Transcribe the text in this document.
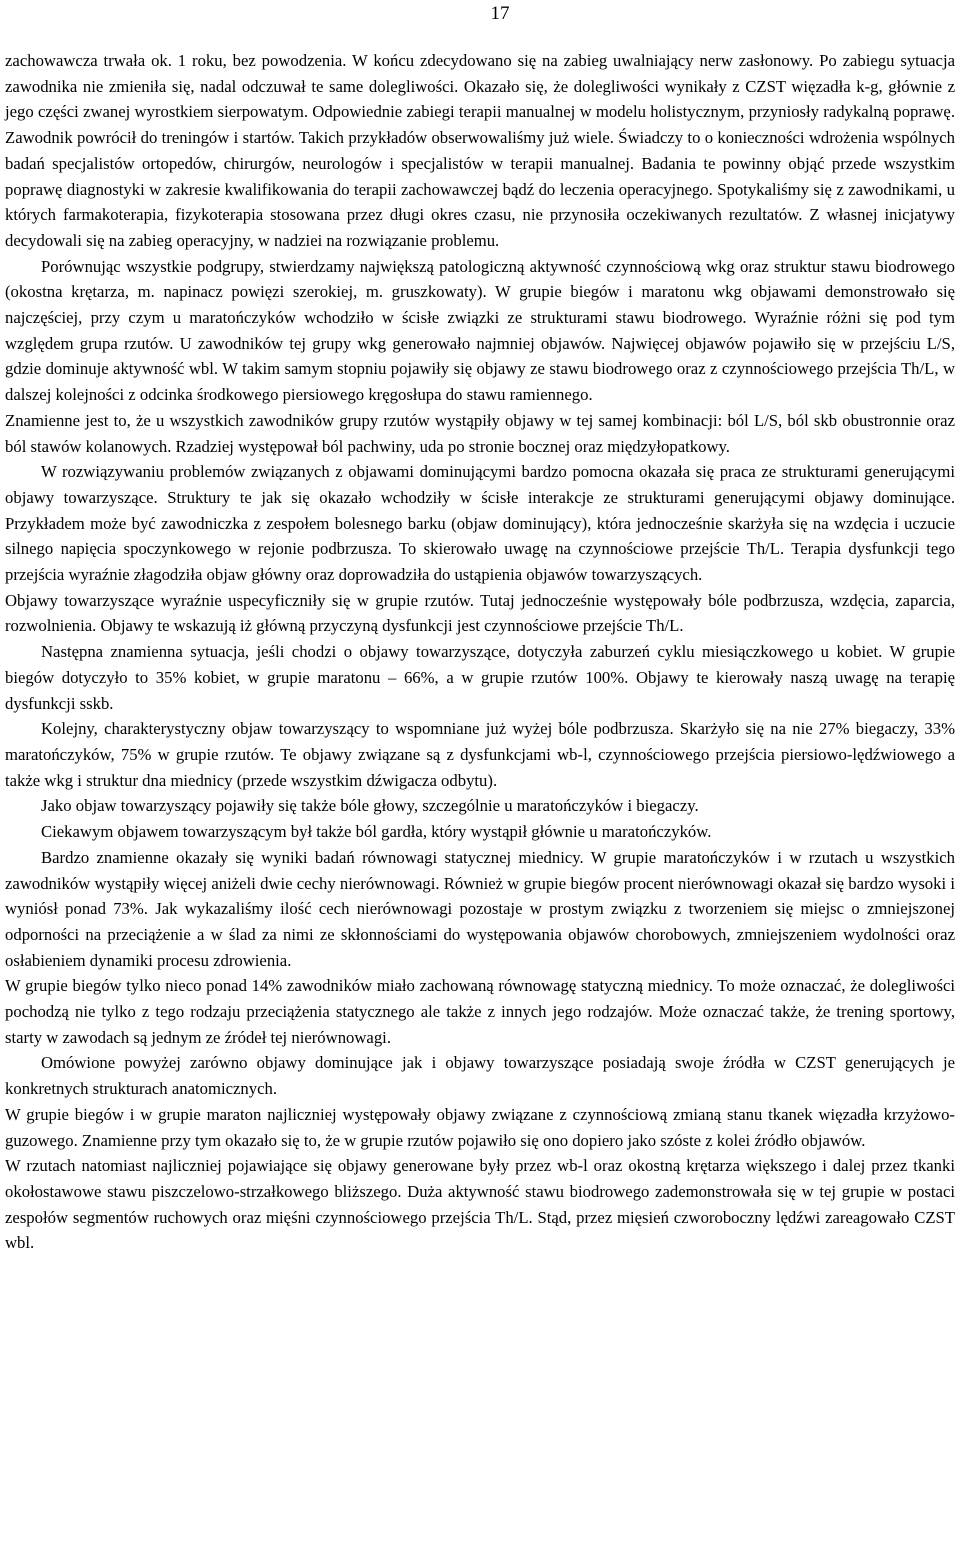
17

zachowawcza trwała ok. 1 roku, bez powodzenia. W końcu zdecydowano się na zabieg uwalniający nerw zasłonowy. Po zabiegu sytuacja zawodnika nie zmieniła się, nadal odczuwał te same dolegliwości. Okazało się, że dolegliwości wynikały z CZST więzadła k-g, głównie z jego części zwanej wyrostkiem sierpowatym. Odpowiednie zabiegi terapii manualnej w modelu holistycznym, przyniosły radykalną poprawę. Zawodnik powrócił do treningów i startów. Takich przykładów obserwowaliśmy już wiele. Świadczy to o konieczności wdrożenia wspólnych badań specjalistów ortopedów, chirurgów, neurologów i specjalistów w terapii manualnej. Badania te powinny objąć przede wszystkim poprawę diagnostyki w zakresie kwalifikowania do terapii zachowawczej bądź do leczenia operacyjnego. Spotykaliśmy się z zawodnikami, u których farmakoterapia, fizykoterapia stosowana przez długi okres czasu, nie przynosiła oczekiwanych rezultatów. Z własnej inicjatywy decydowali się na zabieg operacyjny, w nadziei na rozwiązanie problemu.

Porównując wszystkie podgrupy, stwierdzamy największą patologiczną aktywność czynnościową wkg oraz struktur stawu biodrowego (okostna krętarza, m. napinacz powięzi szerokiej, m. gruszkowaty). W grupie biegów i maratonu wkg objawami demonstrowało się najczęściej, przy czym u maratończyków wchodziło w ścisłe związki ze strukturami stawu biodrowego. Wyraźnie różni się pod tym względem grupa rzutów. U zawodników tej grupy wkg generowało najmniej objawów. Najwięcej objawów pojawiło się w przejściu L/S, gdzie dominuje aktywność wbl. W takim samym stopniu pojawiły się objawy ze stawu biodrowego oraz z czynnościowego przejścia Th/L, w dalszej kolejności z odcinka środkowego piersiowego kręgosłupa do stawu ramiennego.

Znamienne jest to, że u wszystkich zawodników grupy rzutów wystąpiły objawy w tej samej kombinacji: ból L/S, ból skb obustronnie oraz ból stawów kolanowych. Rzadziej występował ból pachwiny, uda po stronie bocznej oraz międzyłopatkowy.

W rozwiązywaniu problemów związanych z objawami dominującymi bardzo pomocna okazała się praca ze strukturami generującymi objawy towarzyszące. Struktury te jak się okazało wchodziły w ścisłe interakcje ze strukturami generującymi objawy dominujące. Przykładem może być zawodniczka z zespołem bolesnego barku (objaw dominujący), która jednocześnie skarżyła się na wzdęcia i uczucie silnego napięcia spoczynkowego w rejonie podbrzusza. To skierowało uwagę na czynnościowe przejście Th/L. Terapia dysfunkcji tego przejścia wyraźnie złagodziła objaw główny oraz doprowadziła do ustąpienia objawów towarzyszących.

Objawy towarzyszące wyraźnie uspecyficzniły się w grupie rzutów. Tutaj jednocześnie występowały bóle podbrzusza, wzdęcia, zaparcia, rozwolnienia. Objawy te wskazują iż główną przyczyną dysfunkcji jest czynnościowe przejście Th/L.

Następna znamienna sytuacja, jeśli chodzi o objawy towarzyszące, dotyczyła zaburzeń cyklu miesiączkowego u kobiet. W grupie biegów dotyczyło to 35% kobiet, w grupie maratonu – 66%, a w grupie rzutów 100%. Objawy te kierowały naszą uwagę na terapię dysfunkcji sskb.

Kolejny, charakterystyczny objaw towarzyszący to wspomniane już wyżej bóle podbrzusza. Skarżyło się na nie 27% biegaczy, 33% maratończyków, 75% w grupie rzutów. Te objawy związane są z dysfunkcjami wb-l, czynnościowego przejścia piersiowo-lędźwiowego a także wkg i struktur dna miednicy (przede wszystkim dźwigacza odbytu).

Jako objaw towarzyszący pojawiły się także bóle głowy, szczególnie u maratończyków i biegaczy.

Ciekawym objawem towarzyszącym był także ból gardła, który wystąpił głównie u maratończyków.

Bardzo znamienne okazały się wyniki badań równowagi statycznej miednicy. W grupie maratończyków i w rzutach u wszystkich zawodników wystąpiły więcej aniżeli dwie cechy nierównowagi. Również w grupie biegów procent nierównowagi okazał się bardzo wysoki i wyniósł ponad 73%. Jak wykazaliśmy ilość cech nierównowagi pozostaje w prostym związku z tworzeniem się miejsc o zmniejszonej odporności na przeciążenie a w ślad za nimi ze skłonnościami do występowania objawów chorobowych, zmniejszeniem wydolności oraz osłabieniem dynamiki procesu zdrowienia.

W grupie biegów tylko nieco ponad 14% zawodników miało zachowaną równowagę statyczną miednicy. To może oznaczać, że dolegliwości pochodzą nie tylko z tego rodzaju przeciążenia statycznego ale także z innych jego rodzajów. Może oznaczać także, że trening sportowy, starty w zawodach są jednym ze źródeł tej nierównowagi.

Omówione powyżej zarówno objawy dominujące jak i objawy towarzyszące posiadają swoje źródła w CZST generujących je konkretnych strukturach anatomicznych.

W grupie biegów i w grupie maraton najliczniej występowały objawy związane z czynnościową zmianą stanu tkanek więzadła krzyżowo-guzowego. Znamienne przy tym okazało się to, że w grupie rzutów pojawiło się ono dopiero jako szóste z kolei źródło objawów.

W rzutach natomiast najliczniej pojawiające się objawy generowane były przez wb-l oraz okostną krętarza większego i dalej przez tkanki okołostawowe stawu piszczelowo-strzałkowego bliższego. Duża aktywność stawu biodrowego zademonstrowała się w tej grupie w postaci zespołów segmentów ruchowych oraz mięśni czynnościowego przejścia Th/L. Stąd, przez mięsień czworoboczny lędźwi zareagowało CZST wbl.
